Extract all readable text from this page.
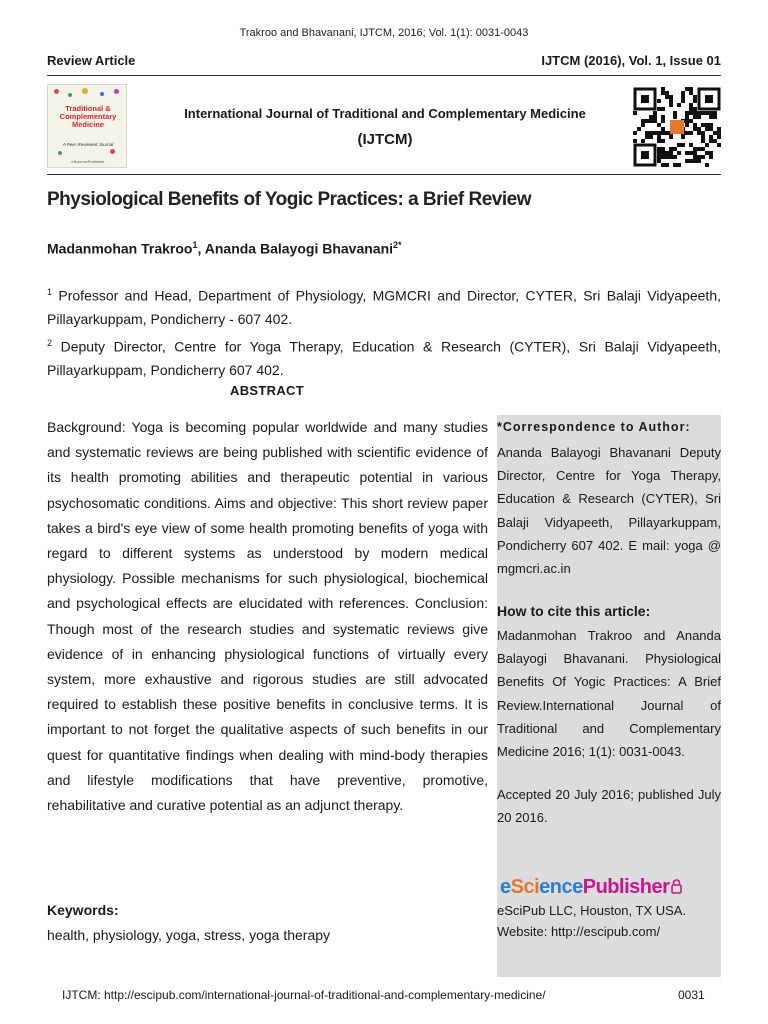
Trakroo and Bhavanani, IJTCM, 2016; Vol. 1(1): 0031-0043
Review Article	IJTCM (2016), Vol. 1, Issue 01
Traditional &
Complementary
Medicine
A Peer Reviewed Journal
eSciencePublisher
International Journal of Traditional and Complementary Medicine
(IJTCM)
Physiological Benefits of Yogic Practices: a Brief Review
Madanmohan Trakroo$^1$, Ananda Balayogi Bhavanani$^{2*}$
$^1$ Professor and Head, Department of Physiology, MGMCRI and Director, CYTER, Sri Balaji Vidyapeeth, Pillayarkuppam, Pondicherry - 607 402.
$^2$ Deputy Director, Centre for Yoga Therapy, Education & Research (CYTER), Sri Balaji Vidyapeeth, Pillayarkuppam, Pondicherry 607 402.
ABSTRACT
Background: Yoga is becoming popular worldwide and many studies and systematic reviews are being published with scientific evidence of its health promoting abilities and therapeutic potential in various psychosomatic conditions. Aims and objective: This short review paper takes a bird's eye view of some health promoting benefits of yoga with regard to different systems as understood by modern medical physiology. Possible mechanisms for such physiological, biochemical and psychological effects are elucidated with references. Conclusion: Though most of the research studies and systematic reviews give evidence of in enhancing physiological functions of virtually every system, more exhaustive and rigorous studies are still advocated required to establish these positive benefits in conclusive terms. It is important to not forget the qualitative aspects of such benefits in our quest for quantitative findings when dealing with mind-body therapies and lifestyle modifications that have preventive, promotive, rehabilitative and curative potential as an adjunct therapy.
Keywords:
health, physiology, yoga, stress, yoga therapy
*Correspondence to Author:
Ananda Balayogi Bhavanani Deputy Director, Centre for Yoga Therapy, Education & Research (CYTER), Sri Balaji Vidyapeeth, Pillayarkuppam, Pondicherry 607 402. E mail: yoga @ mgmcri.ac.in
How to cite this article:
Madanmohan Trakroo and Ananda Balayogi Bhavanani. Physiological Benefits Of Yogic Practices: A Brief Review.International Journal of Traditional and Complementary Medicine 2016; 1(1): 0031-0043.
Accepted 20 July 2016; published July 20 2016.
eSciencePublisher
eSciPub LLC, Houston, TX USA.
Website: http://escipub.com/
IJTCM: http://escipub.com/international-journal-of-traditional-and-complementary-medicine/	0031
